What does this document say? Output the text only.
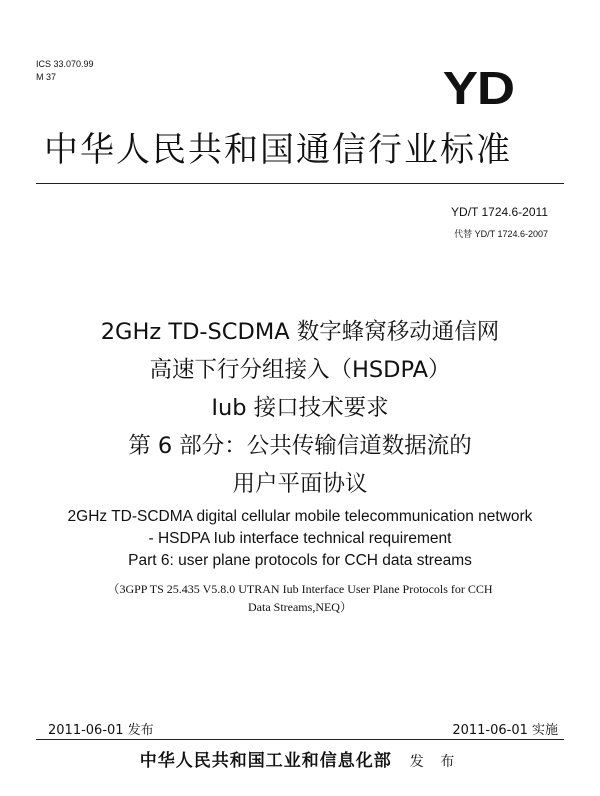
ICS 33.070.99
M 37	YD
中华人民共和国通信行业标准
YD/T 1724.6-2011
代替 YD/T 1724.6-2007
2GHz TD-SCDMA 数字蜂窝移动通信网
高速下行分组接入（HSDPA）
Iub 接口技术要求
第 6 部分：公共传输信道数据流的
用户平面协议
2GHz TD-SCDMA digital cellular mobile telecommunication network
- HSDPA Iub interface technical requirement
Part 6: user plane protocols for CCH data streams
（3GPP TS 25.435 V5.8.0 UTRAN Iub Interface User Plane Protocols for CCH
Data Streams,NEQ）
2011-06-01 发布	2011-06-01 实施
中华人民共和国工业和信息化部 发 布
